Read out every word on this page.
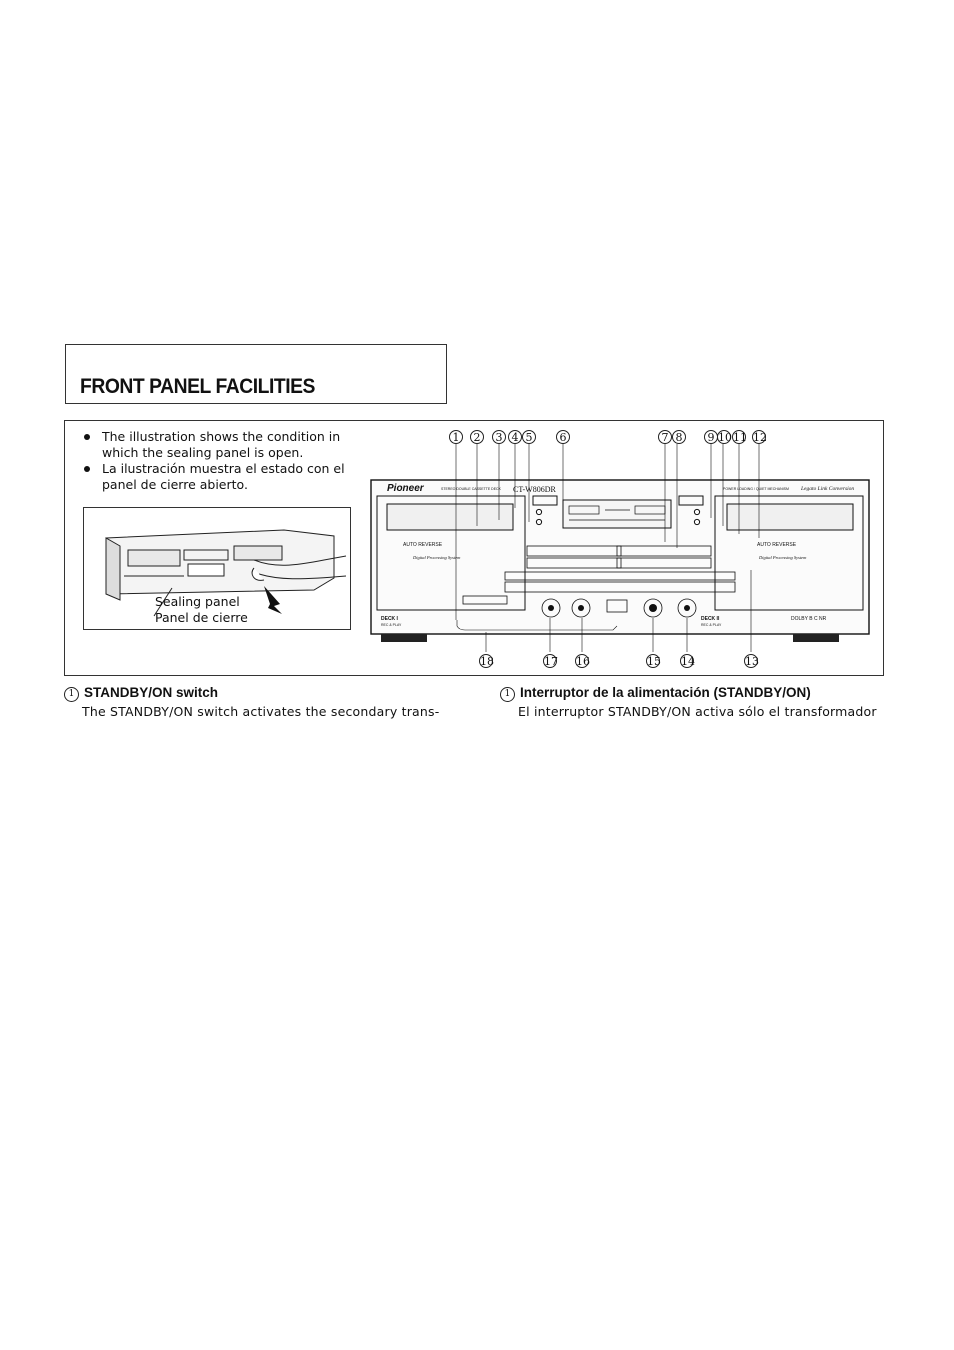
FRONT PANEL FACILITIES

The illustration shows the condition in which the sealing panel is open.

La ilustración muestra el estado con el panel de cierre abierto.

Sealing panel
Panel de cierre
Pioneer	STEREO DOUBLE CASSETTE DECK CT-W806DR	POWER LOADING / QUIET MECHANISM Legato Link Conversion
AUTO REVERSE
Digital Processing System
DECK I
REC & PLAY
AUTO REVERSE
Digital Processing System
DECK II
REC & PLAY
DOLBY B C NR
1	2	3 4 5	6	7 8	9 10 11 12
18	17 16	15 14	13
1 STANDBY/ON switch
The STANDBY/ON switch activates the secondary trans-
1 Interruptor de la alimentación (STANDBY/ON)
El interruptor STANDBY/ON activa sólo el transformador
